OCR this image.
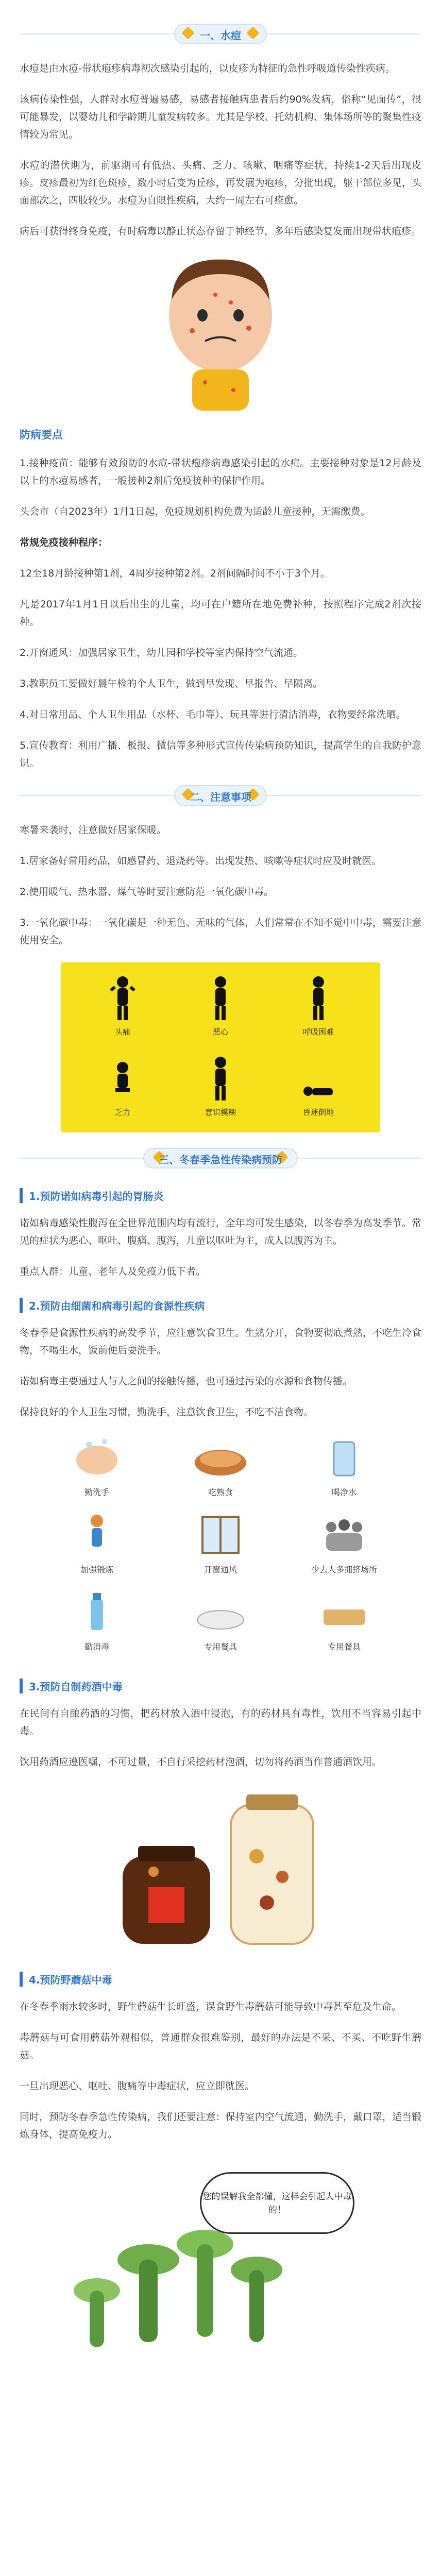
一、水痘

水痘是由水痘-带状疱疹病毒初次感染引起的，以皮疹为特征的急性呼吸道传染性疾病。

该病传染性强，人群对水痘普遍易感，易感者接触病患者后约90%发病，俗称“见面传”，很可能暴发，以婴幼儿和学龄期儿童发病较多。尤其是学校、托幼机构、集体场所等的聚集性疫情较为常见。

水痘的潜伏期为，前驱期可有低热、头痛、乏力、咳嗽、咽痛等症状，持续1-2天后出现皮疹。皮疹最初为红色斑疹，数小时后变为丘疹，再发展为疱疹，分批出现，躯干部位多见，头面部次之，四肢较少。水痘为自限性疾病，大约一周左右可痊愈。

病后可获得终身免疫，有时病毒以静止状态存留于神经节，多年后感染复发而出现带状疱疹。

防病要点

1.接种疫苗：能够有效预防的水痘-带状疱疹病毒感染引起的水痘。主要接种对象是12月龄及以上的水痘易感者，一般接种2剂后免疫接种的保护作用。

头会市（自2023年）1月1日起，免疫规划机构免费为适龄儿童接种，无需缴费。

常规免疫接种程序：

12至18月龄接种第1剂，4周岁接种第2剂。2剂间隔时间不小于3个月。

凡是2017年1月1日以后出生的儿童，均可在户籍所在地免费补种，按照程序完成2剂次接种。

2.开窗通风：加强居家卫生，幼儿园和学校等室内保持空气流通。

3.教职员工要做好晨午检的个人卫生，做到早发现、早报告、早隔离。

4.对日常用品、个人卫生用品（水杯、毛巾等）、玩具等进行清洁消毒，衣物要经常洗晒。

5.宣传教育：利用广播、板报、微信等多种形式宣传传染病预防知识，提高学生的自我防护意识。

二、注意事项

寒暑来袭时，注意做好居家保暖。

1.居家备好常用药品，如感冒药、退烧药等。出现发热、咳嗽等症状时应及时就医。

2.使用暖气、热水器、煤气等时要注意防范一氧化碳中毒。

3.一氧化碳中毒：一氧化碳是一种无色、无味的气体，人们常常在不知不觉中中毒，需要注意使用安全。

头痛	恶心	呼吸困难
乏力	意识模糊	昏迷倒地
三、冬春季急性传染病预防
1.预防诺如病毒引起的胃肠炎

诺如病毒感染性腹泻在全世界范围内均有流行，全年均可发生感染，以冬春季为高发季节。常见的症状为恶心、呕吐、腹痛、腹泻，儿童以呕吐为主，成人以腹泻为主。

重点人群：儿童、老年人及免疫力低下者。

2.预防由细菌和病毒引起的食源性疾病

冬春季是食源性疾病的高发季节，应注意饮食卫生。生熟分开，食物要彻底煮熟，不吃生冷食物，不喝生水，饭前便后要洗手。

诺如病毒主要通过人与人之间的接触传播，也可通过污染的水源和食物传播。

保持良好的个人卫生习惯，勤洗手，注意饮食卫生，不吃不洁食物。

勤洗手	吃熟食	喝净水
加强锻炼	开窗通风	少去人多拥挤场所
勤消毒	专用餐具	专用餐具
3.预防自制药酒中毒

在民间有自酿药酒的习惯，把药材放入酒中浸泡，有的药材具有毒性，饮用不当容易引起中毒。

饮用药酒应遵医嘱，不可过量，不自行采挖药材泡酒，切勿将药酒当作普通酒饮用。

4.预防野蘑菇中毒

在冬春季雨水较多时，野生蘑菇生长旺盛，误食野生毒蘑菇可能导致中毒甚至危及生命。

毒蘑菇与可食用蘑菇外观相似，普通群众很难鉴别，最好的办法是不采、不买、不吃野生蘑菇。

一旦出现恶心、呕吐、腹痛等中毒症状，应立即就医。

同时，预防冬春季急性传染病，我们还要注意：保持室内空气流通，勤洗手，戴口罩，适当锻炼身体，提高免疫力。

您的误解我全都懂，这样会引起人中毒的！
